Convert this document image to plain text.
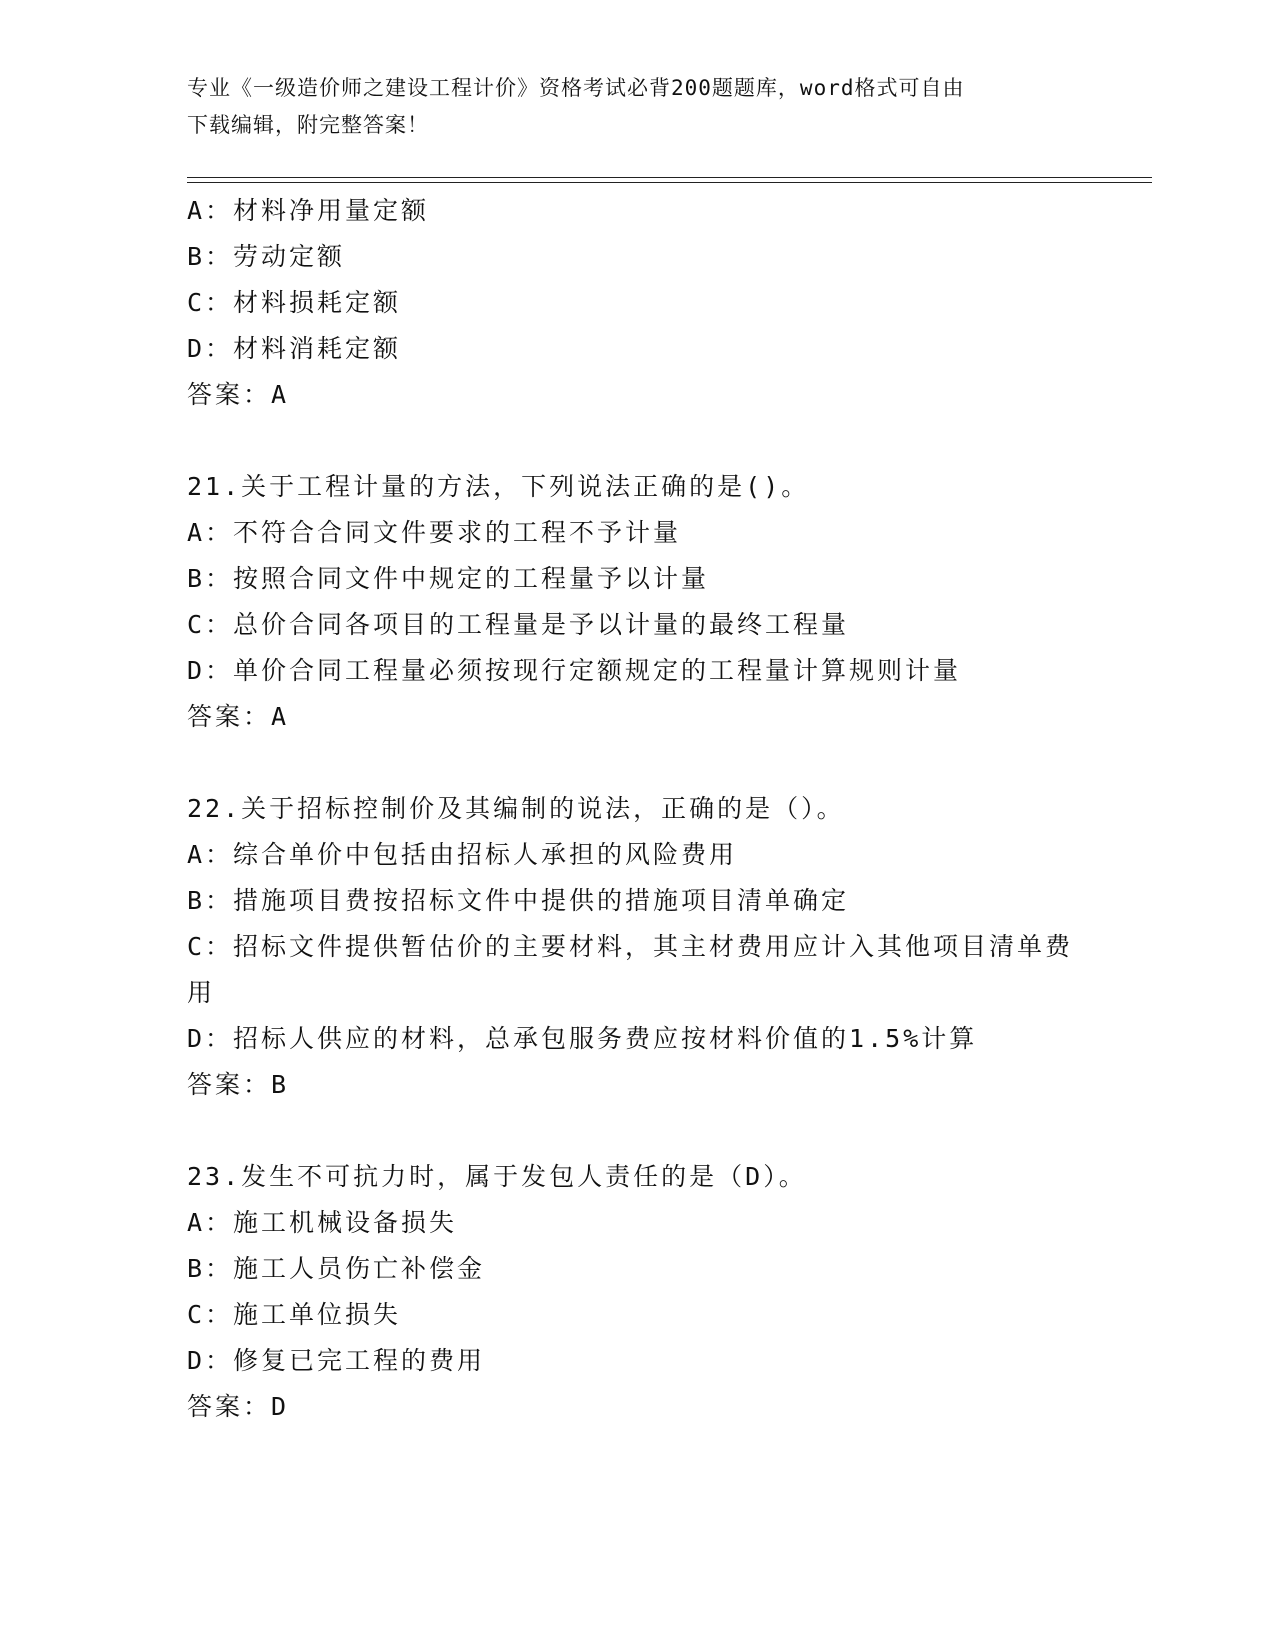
专业《一级造价师之建设工程计价》资格考试必背200题题库，word格式可自由
下载编辑，附完整答案！
A：材料净用量定额
B：劳动定额
C：材料损耗定额
D：材料消耗定额
答案：A
21.关于工程计量的方法，下列说法正确的是()。
A：不符合合同文件要求的工程不予计量
B：按照合同文件中规定的工程量予以计量
C：总价合同各项目的工程量是予以计量的最终工程量
D：单价合同工程量必须按现行定额规定的工程量计算规则计量
答案：A
22.关于招标控制价及其编制的说法，正确的是（）。
A：综合单价中包括由招标人承担的风险费用
B：措施项目费按招标文件中提供的措施项目清单确定
C：招标文件提供暂估价的主要材料，其主材费用应计入其他项目清单费用
D：招标人供应的材料，总承包服务费应按材料价值的1.5%计算
答案：B
23.发生不可抗力时，属于发包人责任的是（D）。
A：施工机械设备损失
B：施工人员伤亡补偿金
C：施工单位损失
D：修复已完工程的费用
答案：D
